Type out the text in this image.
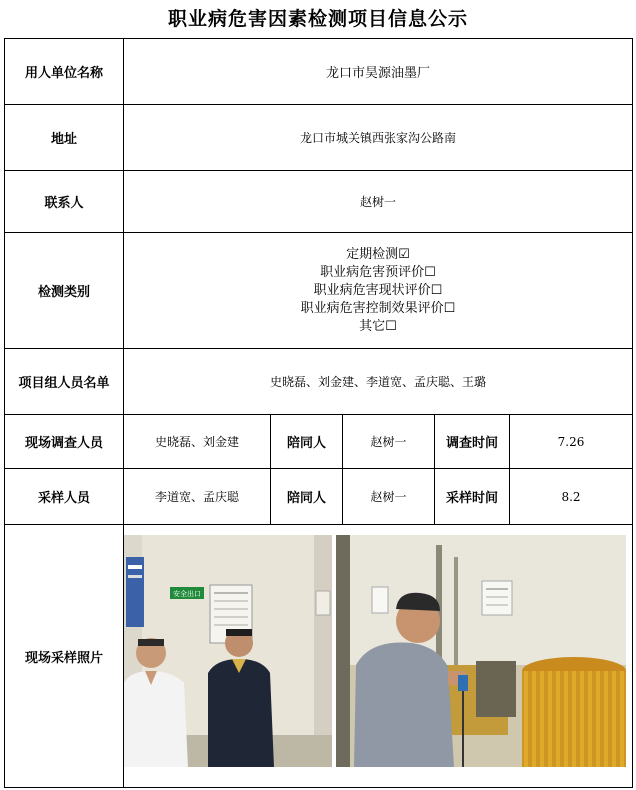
职业病危害因素检测项目信息公示
用人单位名称	龙口市昊源油墨厂				
地址	龙口市城关镇西张家沟公路南				
联系人	赵树一				
检测类别	定期检测☑
职业病危害预评价☐
职业病危害现状评价☐
职业病危害控制效果评价☐
其它☐				

项目组人员名单	史晓磊、刘金建、李道宽、孟庆聪、王璐				
现场调查人员	史晓磊、刘金建	陪同人	赵树一	调查时间	7.26
采样人员	李道宽、孟庆聪	陪同人	赵树一	采样时间	8.2
现场采样照片	安全出口				
